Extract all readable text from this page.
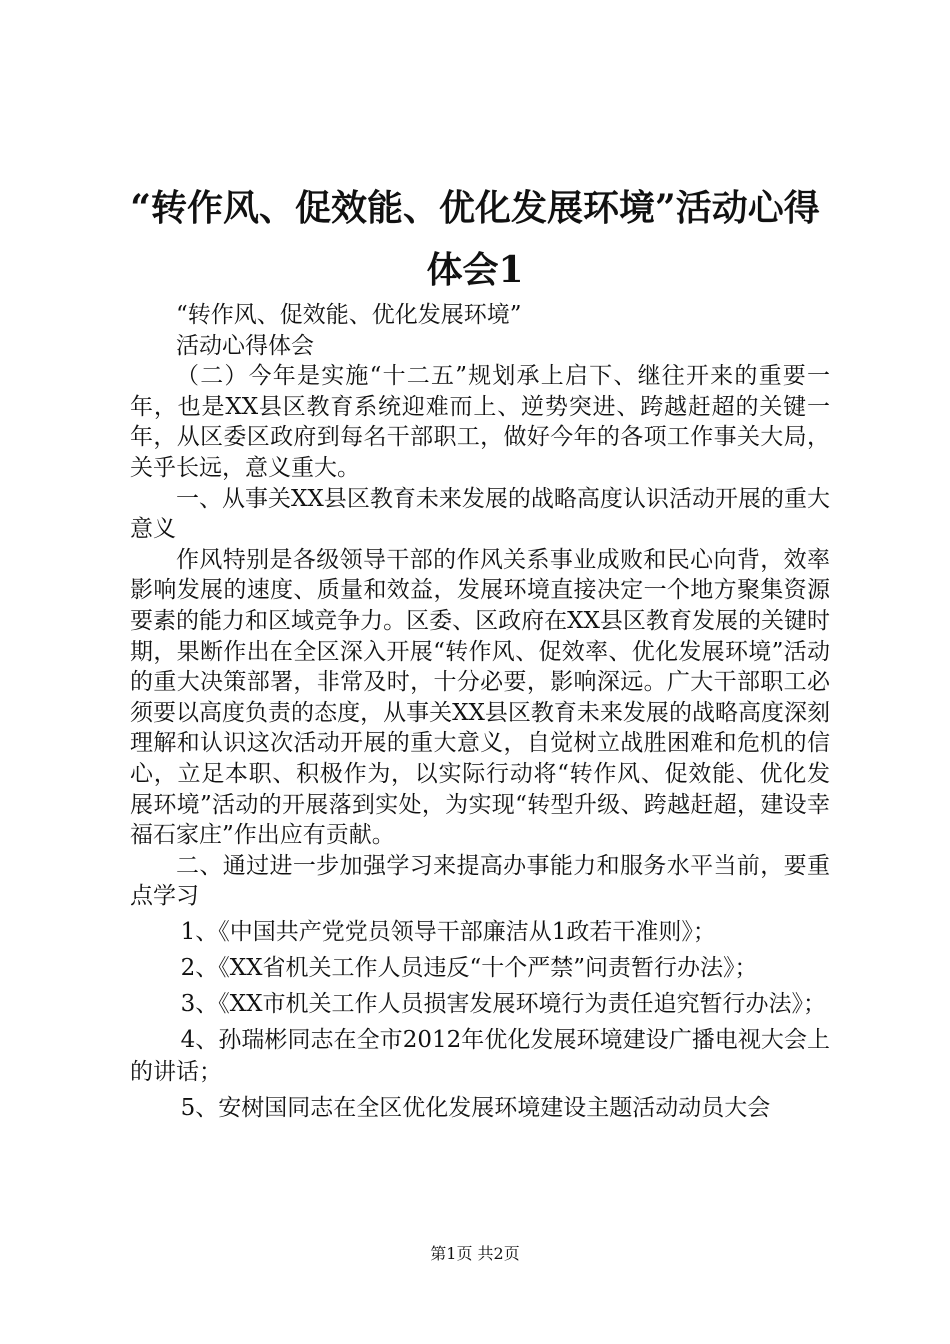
“转作风、促效能、优化发展环境”活动心得
体会1

“转作风、促效能、优化发展环境”

活动心得体会

（二）今年是实施“十二五”规划承上启下、继往开来的重要一年，也是XX县区教育系统迎难而上、逆势突进、跨越赶超的关键一年，从区委区政府到每名干部职工，做好今年的各项工作事关大局，关乎长远，意义重大。

一、从事关XX县区教育未来发展的战略高度认识活动开展的重大意义

作风特别是各级领导干部的作风关系事业成败和民心向背，效率影响发展的速度、质量和效益，发展环境直接决定一个地方聚集资源要素的能力和区域竞争力。区委、区政府在XX县区教育发展的关键时期，果断作出在全区深入开展“转作风、促效率、优化发展环境”活动的重大决策部署，非常及时，十分必要，影响深远。广大干部职工必须要以高度负责的态度，从事关XX县区教育未来发展的战略高度深刻理解和认识这次活动开展的重大意义，自觉树立战胜困难和危机的信心，立足本职、积极作为，以实际行动将“转作风、促效能、优化发展环境”活动的开展落到实处，为实现“转型升级、跨越赶超，建设幸福石家庄”作出应有贡献。

二、通过进一步加强学习来提高办事能力和服务水平当前，要重点学习

1、《中国共产党党员领导干部廉洁从1政若干准则》；

2、《XX省机关工作人员违反“十个严禁”问责暂行办法》；

3、《XX市机关工作人员损害发展环境行为责任追究暂行办法》；

4、孙瑞彬同志在全市2012年优化发展环境建设广播电视大会上的讲话；

5、安树国同志在全区优化发展环境建设主题活动动员大会

第1页 共2页
